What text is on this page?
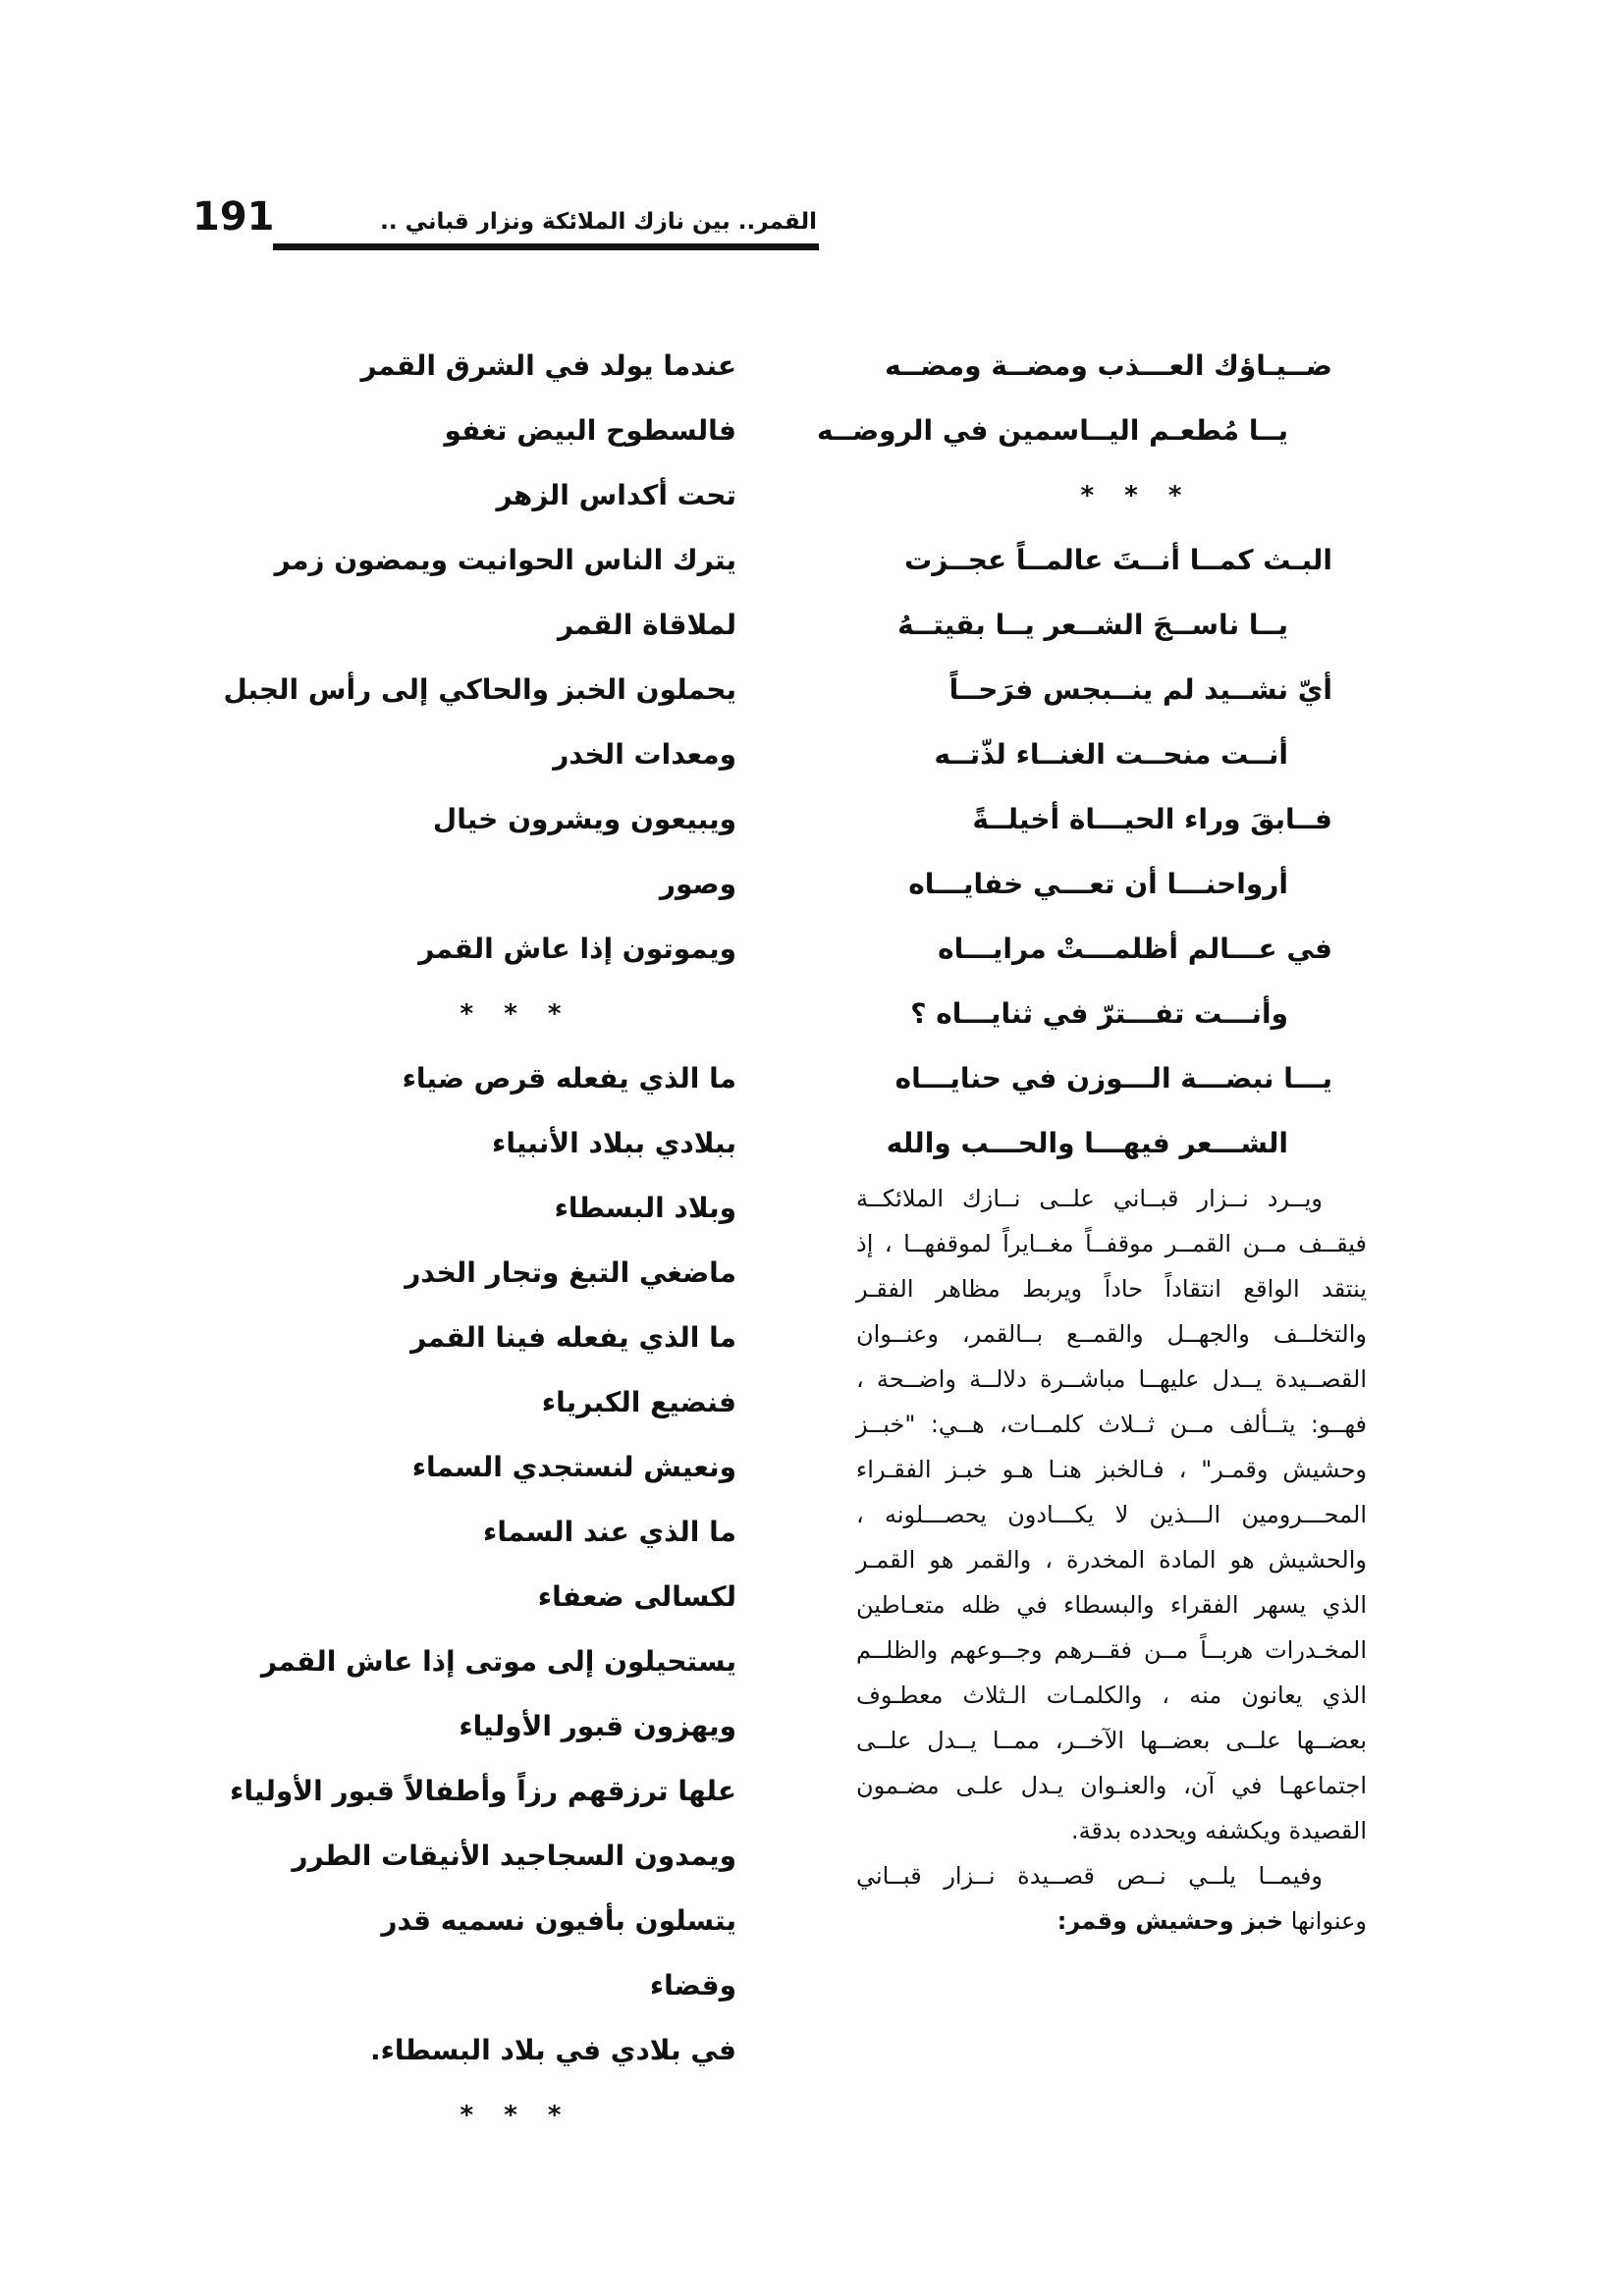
191	القمر.. بين نازك الملائكة ونزار قباني ..
ضــيـاؤك العـــذب ومضــة ومضــه
يــا مُطعـم اليــاسمين في الروضــه
* * *
البـث كمــا أنــتَ عالمــاً عجــزت
يــا ناســجَ الشــعر يــا بقيتــهُ
أيّ نشــيد لم ينــبجس فرَحــاً
أنــت منحــت الغنــاء لذّتــه
فــابقَ وراء الحيـــاة أخيلــةً
أرواحنـــا أن تعـــي خفايـــاه
في عـــالم أظلمـــتْ مرايـــاه
وأنـــت تفـــترّ في ثنايـــاه ؟
يـــا نبضـــة الـــوزن في حنايـــاه
الشـــعر فيهـــا والحـــب والله

ويــرد نــزار قبــاني علــى نــازك الملائكــة فيقــف مــن القمــر موقفــاً مغــايراً لموقفهــا ، إذ ينتقد الواقع انتقاداً حاداً ويربط مظاهر الفقـر والتخلــف والجهــل والقمــع بــالقمر، وعنــوان القصــيدة يــدل عليهــا مباشــرة دلالــة واضــحة ، فهــو: يتــألف مــن ثــلاث كلمــات، هــي: "خبــز وحشيش وقمـر" ، فـالخبز هنـا هـو خبـز الفقـراء المحـــرومين الـــذين لا يكـــادون يحصـــلونه ، والحشيش هو المادة المخدرة ، والقمر هو القمـر الذي يسهر الفقراء والبسطاء في ظله متعـاطين المخـدرات هربــاً مــن فقــرهم وجــوعهم والظلــم الذي يعانون منه ، والكلمـات الـثلاث معطـوف بعضــها علــى بعضــها الآخــر، ممــا يــدل علــى اجتماعهـا في آن، والعنـوان يـدل علـى مضـمون القصيدة ويكشفه ويحدده بدقة.

وفيمــا يلــي نــص قصــيدة نــزار قبــاني وعنوانها خبز وحشيش وقمر:

عندما يولد في الشرق القمر
فالسطوح البيض تغفو
تحت أكداس الزهر
يترك الناس الحوانيت ويمضون زمر
لملاقاة القمر
يحملون الخبز والحاكي إلى رأس الجبل
ومعدات الخدر
ويبيعون ويشرون خيال
وصور
ويموتون إذا عاش القمر
* * *
ما الذي يفعله قرص ضياء
ببلادي ببلاد الأنبياء
وبلاد البسطاء
ماضغي التبغ وتجار الخدر
ما الذي يفعله فينا القمر
فنضيع الكبرياء
ونعيش لنستجدي السماء
ما الذي عند السماء
لكسالى ضعفاء
يستحيلون إلى موتى إذا عاش القمر
ويهزون قبور الأولياء
علها ترزقهم رزاً وأطفالاً قبور الأولياء
ويمدون السجاجيد الأنيقات الطرر
يتسلون بأفيون نسميه قدر
وقضاء
في بلادي في بلاد البسطاء.
* * *
